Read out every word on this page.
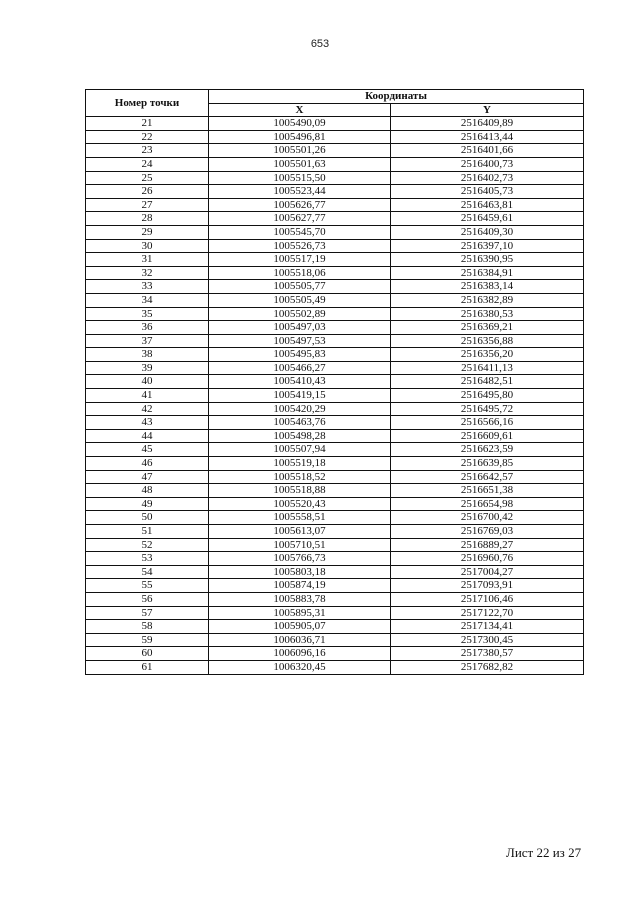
653
Номер точки	Координаты	
	X	Y
21	1005490,09	2516409,89
22	1005496,81	2516413,44
23	1005501,26	2516401,66
24	1005501,63	2516400,73
25	1005515,50	2516402,73
26	1005523,44	2516405,73
27	1005626,77	2516463,81
28	1005627,77	2516459,61
29	1005545,70	2516409,30
30	1005526,73	2516397,10
31	1005517,19	2516390,95
32	1005518,06	2516384,91
33	1005505,77	2516383,14
34	1005505,49	2516382,89
35	1005502,89	2516380,53
36	1005497,03	2516369,21
37	1005497,53	2516356,88
38	1005495,83	2516356,20
39	1005466,27	2516411,13
40	1005410,43	2516482,51
41	1005419,15	2516495,80
42	1005420,29	2516495,72
43	1005463,76	2516566,16
44	1005498,28	2516609,61
45	1005507,94	2516623,59
46	1005519,18	2516639,85
47	1005518,52	2516642,57
48	1005518,88	2516651,38
49	1005520,43	2516654,98
50	1005558,51	2516700,42
51	1005613,07	2516769,03
52	1005710,51	2516889,27
53	1005766,73	2516960,76
54	1005803,18	2517004,27
55	1005874,19	2517093,91
56	1005883,78	2517106,46
57	1005895,31	2517122,70
58	1005905,07	2517134,41
59	1006036,71	2517300,45
60	1006096,16	2517380,57
61	1006320,45	2517682,82
Лист 22 из 27
